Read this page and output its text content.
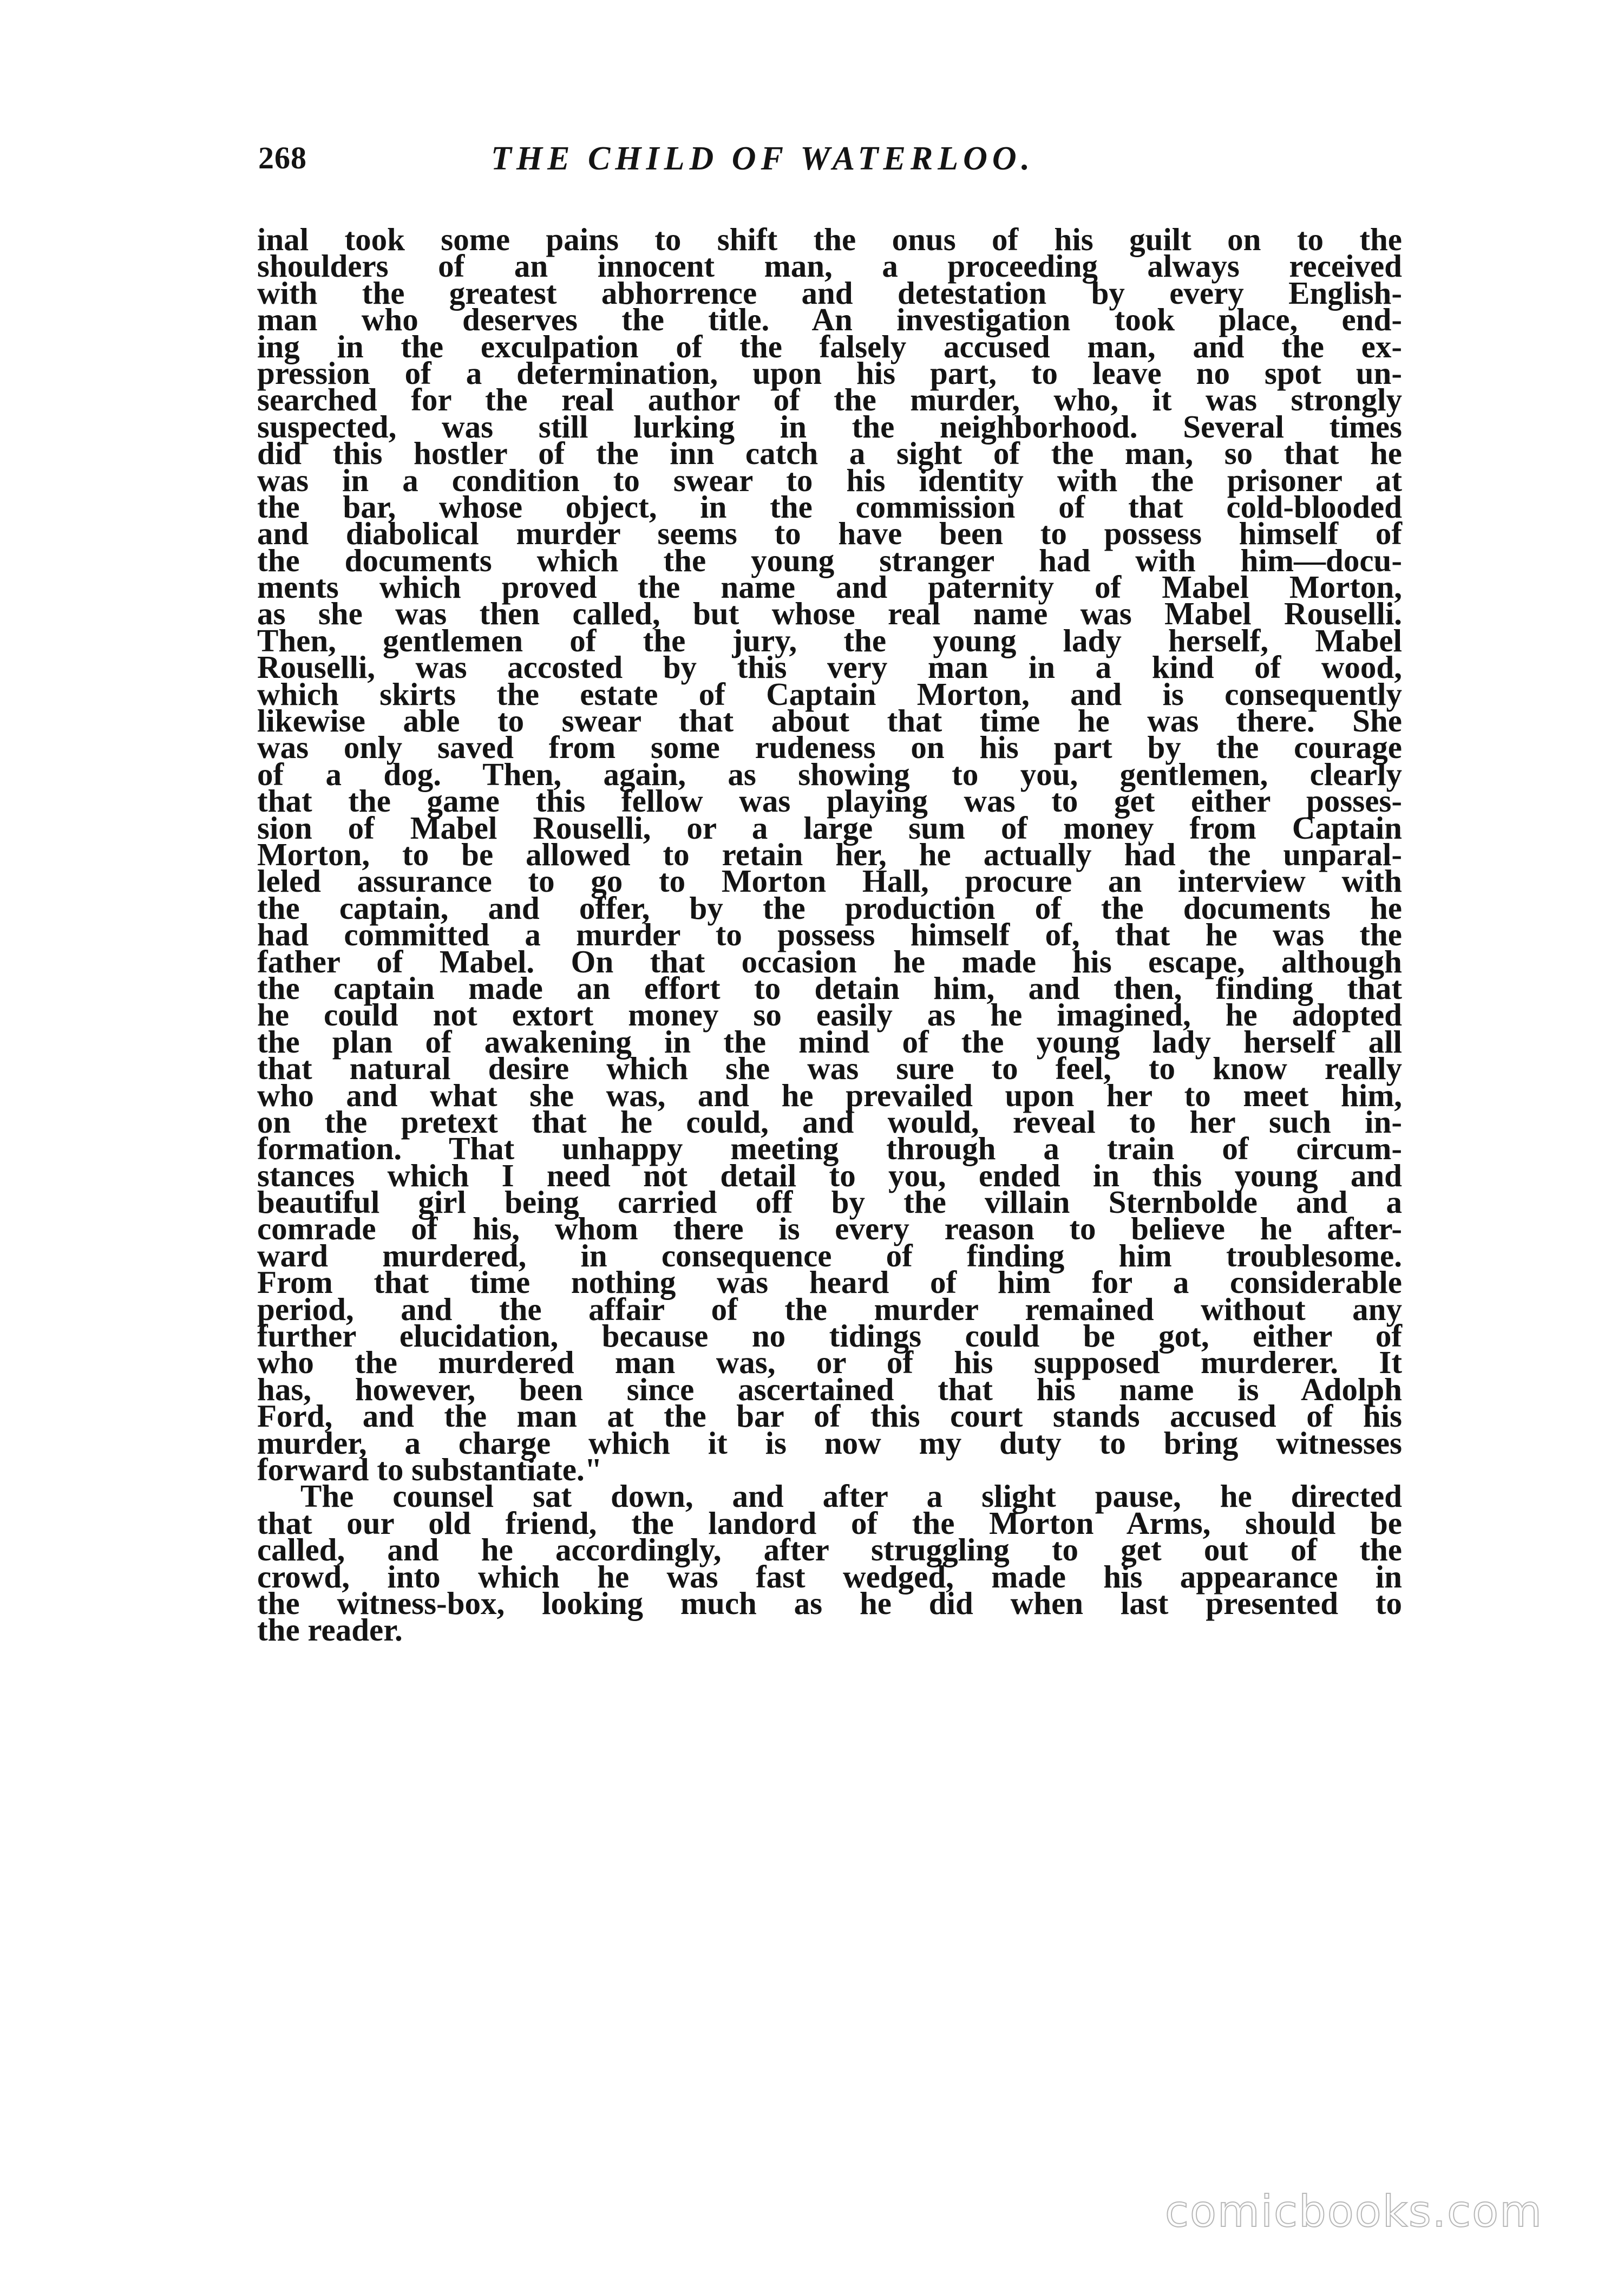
268	THE CHILD OF WATERLOO.
inal took some pains to shift the onus of his guilt on to the
shoulders of an innocent man, a proceeding always received
with the greatest abhorrence and detestation by every English-
man who deserves the title. An investigation took place, end-
ing in the exculpation of the falsely accused man, and the ex-
pression of a determination, upon his part, to leave no spot un-
searched for the real author of the murder, who, it was strongly
suspected, was still lurking in the neighborhood. Several times
did this hostler of the inn catch a sight of the man, so that he
was in a condition to swear to his identity with the prisoner at
the bar, whose object, in the commission of that cold-blooded
and diabolical murder seems to have been to possess himself of
the documents which the young stranger had with him—docu-
ments which proved the name and paternity of Mabel Morton,
as she was then called, but whose real name was Mabel Rouselli.
Then, gentlemen of the jury, the young lady herself, Mabel
Rouselli, was accosted by this very man in a kind of wood,
which skirts the estate of Captain Morton, and is consequently
likewise able to swear that about that time he was there. She
was only saved from some rudeness on his part by the courage
of a dog. Then, again, as showing to you, gentlemen, clearly
that the game this fellow was playing was to get either posses-
sion of Mabel Rouselli, or a large sum of money from Captain
Morton, to be allowed to retain her, he actually had the unparal-
leled assurance to go to Morton Hall, procure an interview with
the captain, and offer, by the production of the documents he
had committed a murder to possess himself of, that he was the
father of Mabel. On that occasion he made his escape, although
the captain made an effort to detain him, and then, finding that
he could not extort money so easily as he imagined, he adopted
the plan of awakening in the mind of the young lady herself all
that natural desire which she was sure to feel, to know really
who and what she was, and he prevailed upon her to meet him,
on the pretext that he could, and would, reveal to her such in-
formation. That unhappy meeting through a train of circum-
stances which I need not detail to you, ended in this young and
beautiful girl being carried off by the villain Sternbolde and a
comrade of his, whom there is every reason to believe he after-
ward murdered, in consequence of finding him troublesome.
From that time nothing was heard of him for a considerable
period, and the affair of the murder remained without any
further elucidation, because no tidings could be got, either of
who the murdered man was, or of his supposed murderer. It
has, however, been since ascertained that his name is Adolph
Ford, and the man at the bar of this court stands accused of his
murder, a charge which it is now my duty to bring witnesses
forward to substantiate."
The counsel sat down, and after a slight pause, he directed
that our old friend, the landord of the Morton Arms, should be
called, and he accordingly, after struggling to get out of the
crowd, into which he was fast wedged, made his appearance in
the witness-box, looking much as he did when last presented to
the reader.
comicbooks.com
